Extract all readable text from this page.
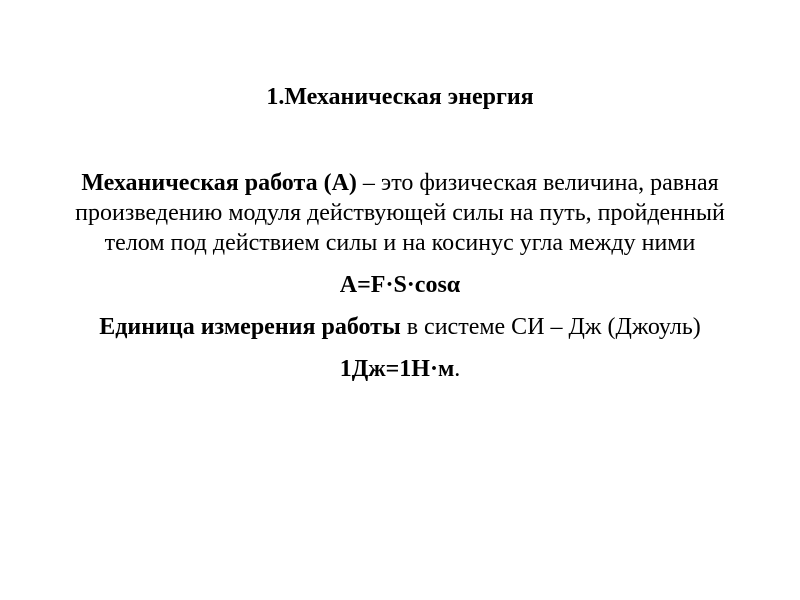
1.Механическая энергия

Механическая работа (А) – это физическая величина, равная произведению модуля действующей силы на путь, пройденный телом под действием силы и на косинус угла между ними

A=F·S·cosα

Единица измерения работы в системе СИ – Дж (Джоуль)

1Дж=1Н·м.
